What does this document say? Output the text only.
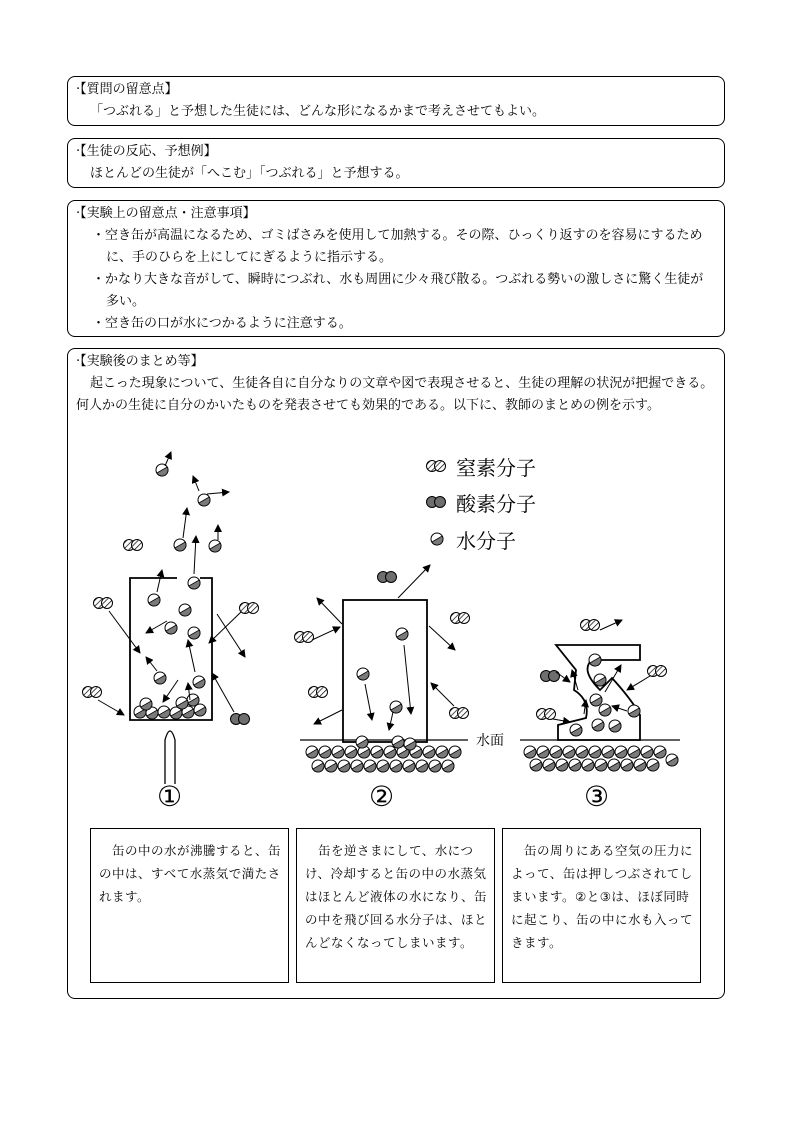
·【質問の留意点】
「つぶれる」と予想した生徒には、どんな形になるかまで考えさせてもよい。
·【生徒の反応、予想例】
ほとんどの生徒が「へこむ」「つぶれる」と予想する。
·【実験上の留意点・注意事項】
・空き缶が高温になるため、ゴミばさみを使用して加熱する。その際、ひっくり返すのを容易にするために、手のひらを上にしてにぎるように指示する。
・かなり大きな音がして、瞬時につぶれ、水も周囲に少々飛び散る。つぶれる勢いの激しさに驚く生徒が多い。
・空き缶の口が水につかるように注意する。
·【実験後のまとめ等】
起こった現象について、生徒各自に自分なりの文章や図で表現させると、生徒の理解の状況が把握できる。何人かの生徒に自分のかいたものを発表させても効果的である。以下に、教師のまとめの例を示す。
窒素分子
酸素分子
水分子
水面
①	②	③
缶の中の水が沸騰すると、缶の中は、すべて水蒸気で満たされます。
缶を逆さまにして、水につけ、冷却すると缶の中の水蒸気はほとんど液体の水になり、缶の中を飛び回る水分子は、ほとんどなくなってしまいます。
缶の周りにある空気の圧力によって、缶は押しつぶされてしまいます。②と③は、ほぼ同時に起こり、缶の中に水も入ってきます。
